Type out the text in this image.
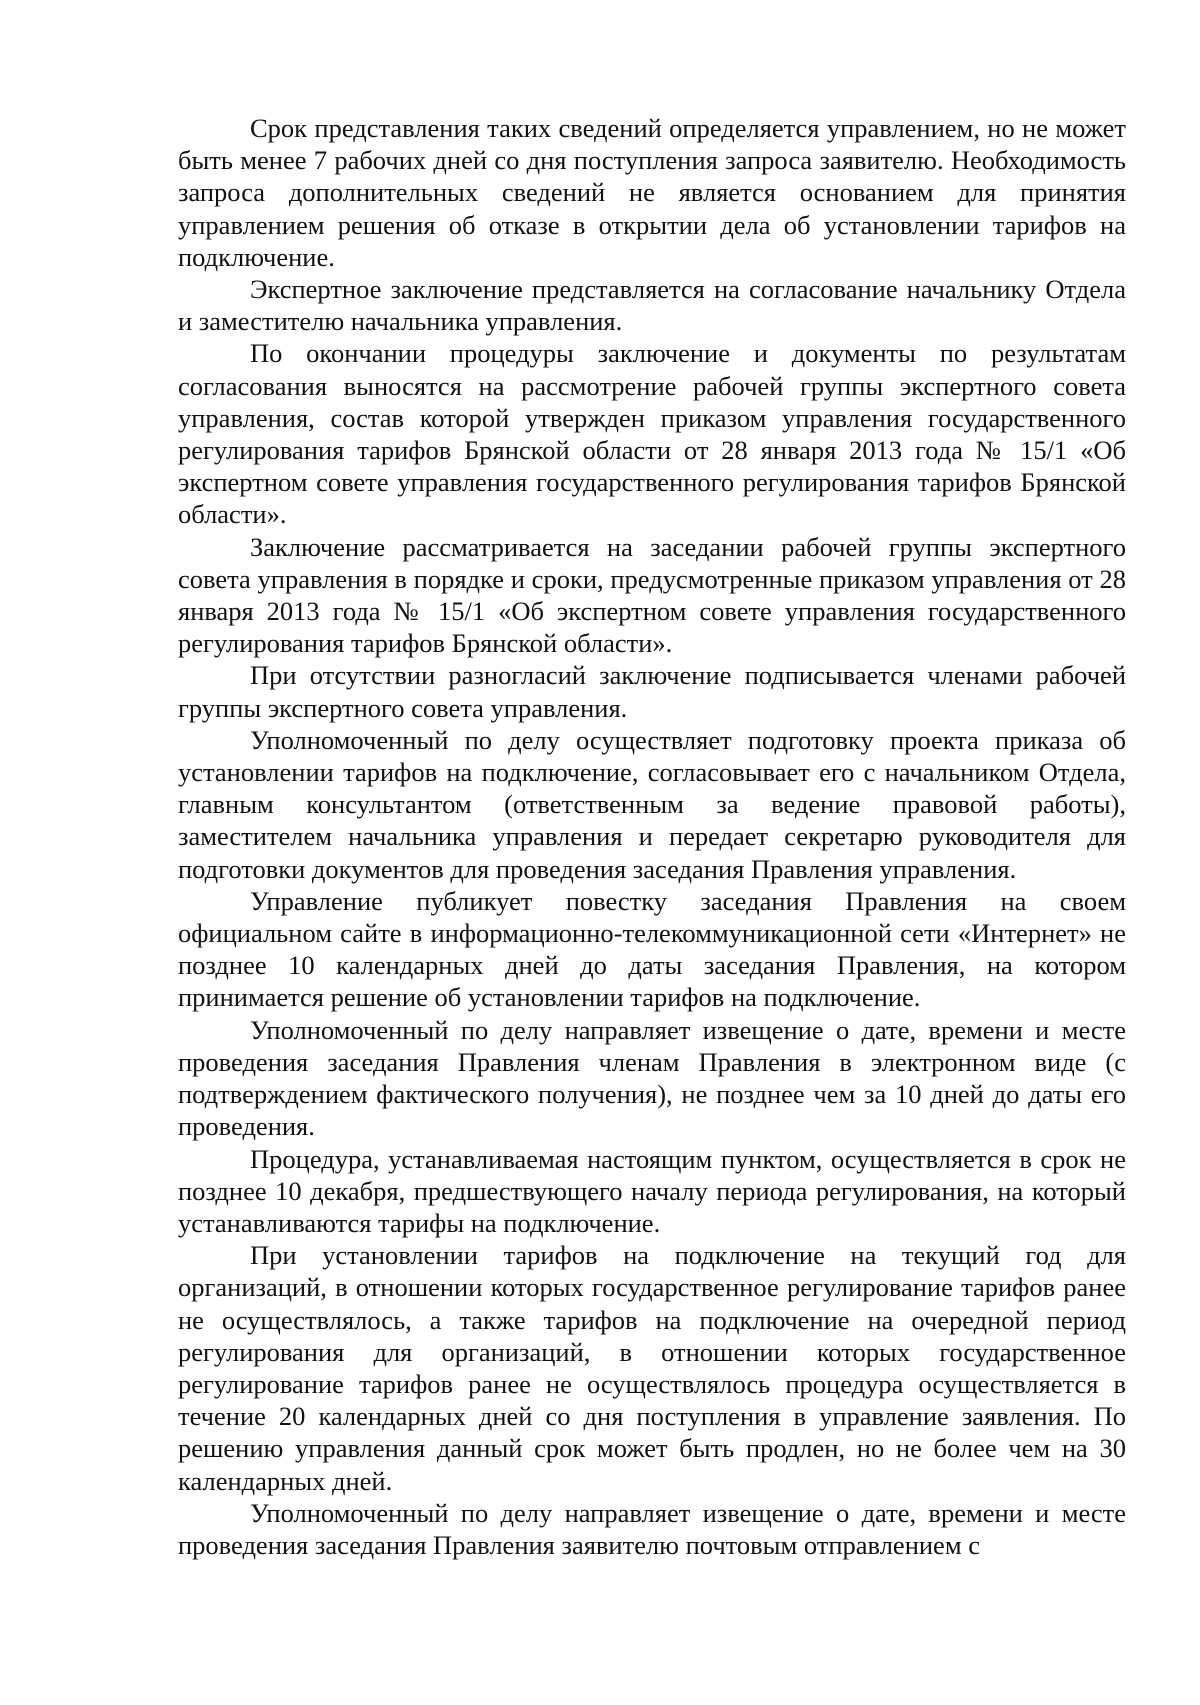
Срок представления таких сведений определяется управлением, но не может быть менее 7 рабочих дней со дня поступления запроса заявителю. Необходимость запроса дополнительных сведений не является основанием для принятия управлением решения об отказе в открытии дела об установлении тарифов на подключение.

Экспертное заключение представляется на согласование начальнику Отдела и заместителю начальника управления.

По окончании процедуры заключение и документы по результатам согласования выносятся на рассмотрение рабочей группы экспертного совета управления, состав которой утвержден приказом управления государственного регулирования тарифов Брянской области от 28 января 2013 года № 15/1 «Об экспертном совете управления государственного регулирования тарифов Брянской области».

Заключение рассматривается на заседании рабочей группы экспертного совета управления в порядке и сроки, предусмотренные приказом управления от 28 января 2013 года № 15/1 «Об экспертном совете управления государственного регулирования тарифов Брянской области».

При отсутствии разногласий заключение подписывается членами рабочей группы экспертного совета управления.

Уполномоченный по делу осуществляет подготовку проекта приказа об установлении тарифов на подключение, согласовывает его с начальником Отдела, главным консультантом (ответственным за ведение правовой работы), заместителем начальника управления и передает секретарю руководителя для подготовки документов для проведения заседания Правления управления.

Управление публикует повестку заседания Правления на своем официальном сайте в информационно-телекоммуникационной сети «Интернет» не позднее 10 календарных дней до даты заседания Правления, на котором принимается решение об установлении тарифов на подключение.

Уполномоченный по делу направляет извещение о дате, времени и месте проведения заседания Правления членам Правления в электронном виде (с подтверждением фактического получения), не позднее чем за 10 дней до даты его проведения.

Процедура, устанавливаемая настоящим пунктом, осуществляется в срок не позднее 10 декабря, предшествующего началу периода регулирования, на который устанавливаются тарифы на подключение.

При установлении тарифов на подключение на текущий год для организаций, в отношении которых государственное регулирование тарифов ранее не осуществлялось, а также тарифов на подключение на очередной период регулирования для организаций, в отношении которых государственное регулирование тарифов ранее не осуществлялось процедура осуществляется в течение 20 календарных дней со дня поступления в управление заявления. По решению управления данный срок может быть продлен, но не более чем на 30 календарных дней.

Уполномоченный по делу направляет извещение о дате, времени и месте проведения заседания Правления заявителю почтовым отправлением с
